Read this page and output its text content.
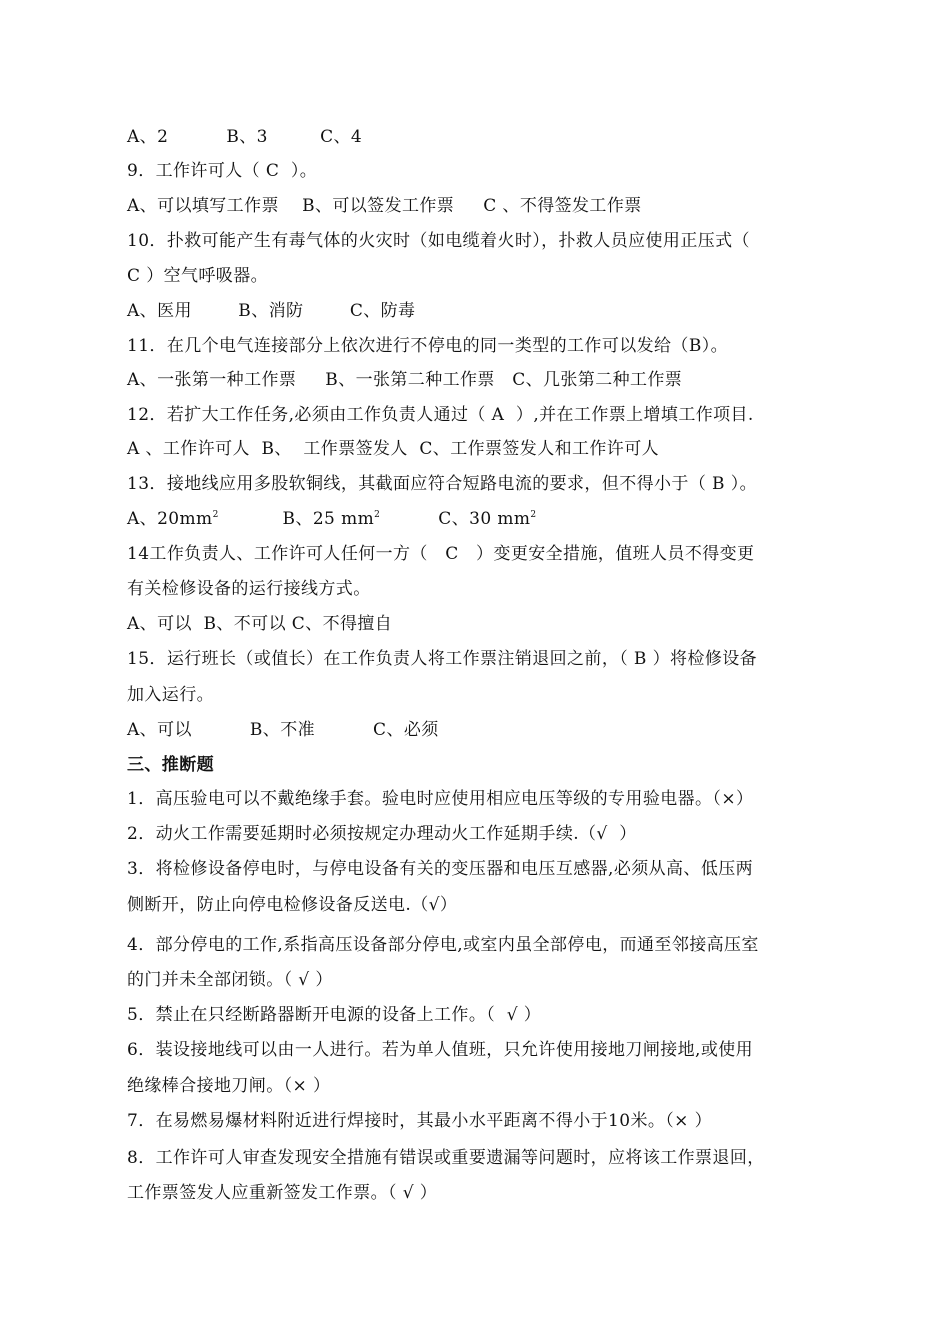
A、2          B、3         C、4
9．工作许可人（ C  ）。
A、可以填写工作票    B、可以签发工作票     C 、不得签发工作票
10．扑救可能产生有毒气体的火灾时（如电缆着火时），扑救人员应使用正压式（
C ）空气呼吸器。
A、医用        B、消防        C、防毒
11．在几个电气连接部分上依次进行不停电的同一类型的工作可以发给（B）。
A、一张第一种工作票     B、一张第二种工作票   C、几张第二种工作票
12．若扩大工作任务,必须由工作负责人通过（ A  ）,并在工作票上增填工作项目.
A 、工作许可人  B、  工作票签发人  C、工作票签发人和工作许可人
13．接地线应用多股软铜线，其截面应符合短路电流的要求，但不得小于（ B ）。
A、$20mm^2$           B、25 $mm^2$          C、30 $mm^2$
14工作负责人、工作许可人任何一方（   C   ）变更安全措施，值班人员不得变更
有关检修设备的运行接线方式。
A、可以  B、不可以 C、不得擅自
15．运行班长（或值长）在工作负责人将工作票注销退回之前，（ B ）将检修设备
加入运行。
A、可以          B、不准          C、必须
三、推断题
1．高压验电可以不戴绝缘手套。验电时应使用相应电压等级的专用验电器。（×）
2．动火工作需要延期时必须按规定办理动火工作延期手续.（√  ）
3．将检修设备停电时，与停电设备有关的变压器和电压互感器,必须从高、低压两
侧断开，防止向停电检修设备反送电.（√）
4．部分停电的工作,系指高压设备部分停电,或室内虽全部停电，而通至邻接高压室
的门并未全部闭锁。（ √ ）
5．禁止在只经断路器断开电源的设备上工作。（  √ ）
6．装设接地线可以由一人进行。若为单人值班，只允许使用接地刀闸接地,或使用
绝缘棒合接地刀闸。（× ）
7．在易燃易爆材料附近进行焊接时，其最小水平距离不得小于10米。（× ）
8．工作许可人审查发现安全措施有错误或重要遗漏等问题时，应将该工作票退回，
工作票签发人应重新签发工作票。（ √ ）
